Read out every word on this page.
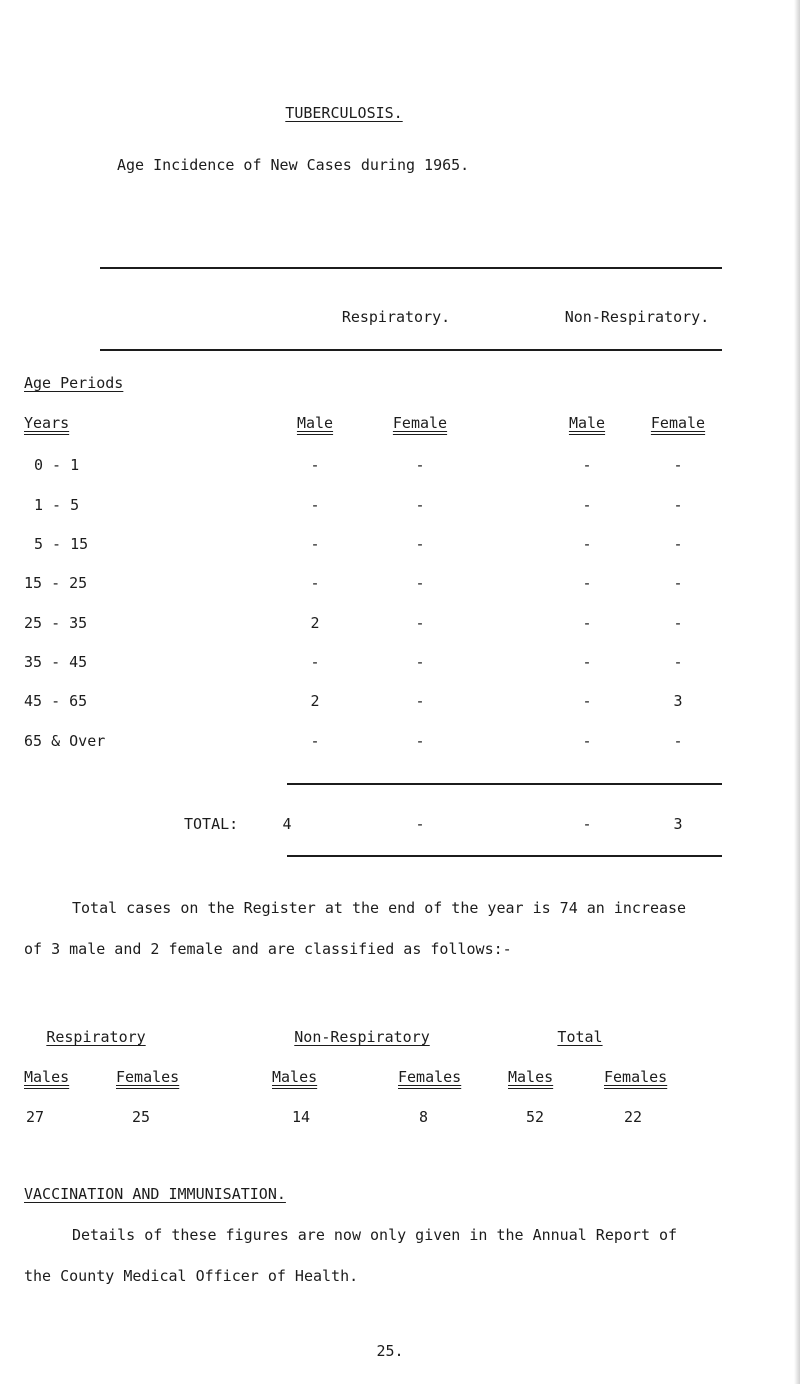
TUBERCULOSIS.
Age Incidence of New Cases during 1965.
Respiratory.	Non-Respiratory.
Age Periods
Years	Male	Female	Male	Female
0 - 1	-	-	-	-
1 - 5	-	-	-	-
5 - 15	-	-	-	-
15 - 25	-	-	-	-
25 - 35	2	-	-	-
35 - 45	-	-	-	-
45 - 65	2	-	-	3
65 & Over	-	-	-	-
TOTAL:	4	-	-	3
Total cases on the Register at the end of the year is 74 an increase
of 3 male and 2 female and are classified as follows:-
Respiratory	Non-Respiratory	Total
Males	Females	Males	Females	Males	Females
27	25	14	8	52	22
VACCINATION AND IMMUNISATION.
Details of these figures are now only given in the Annual Report of
the County Medical Officer of Health.
25.
